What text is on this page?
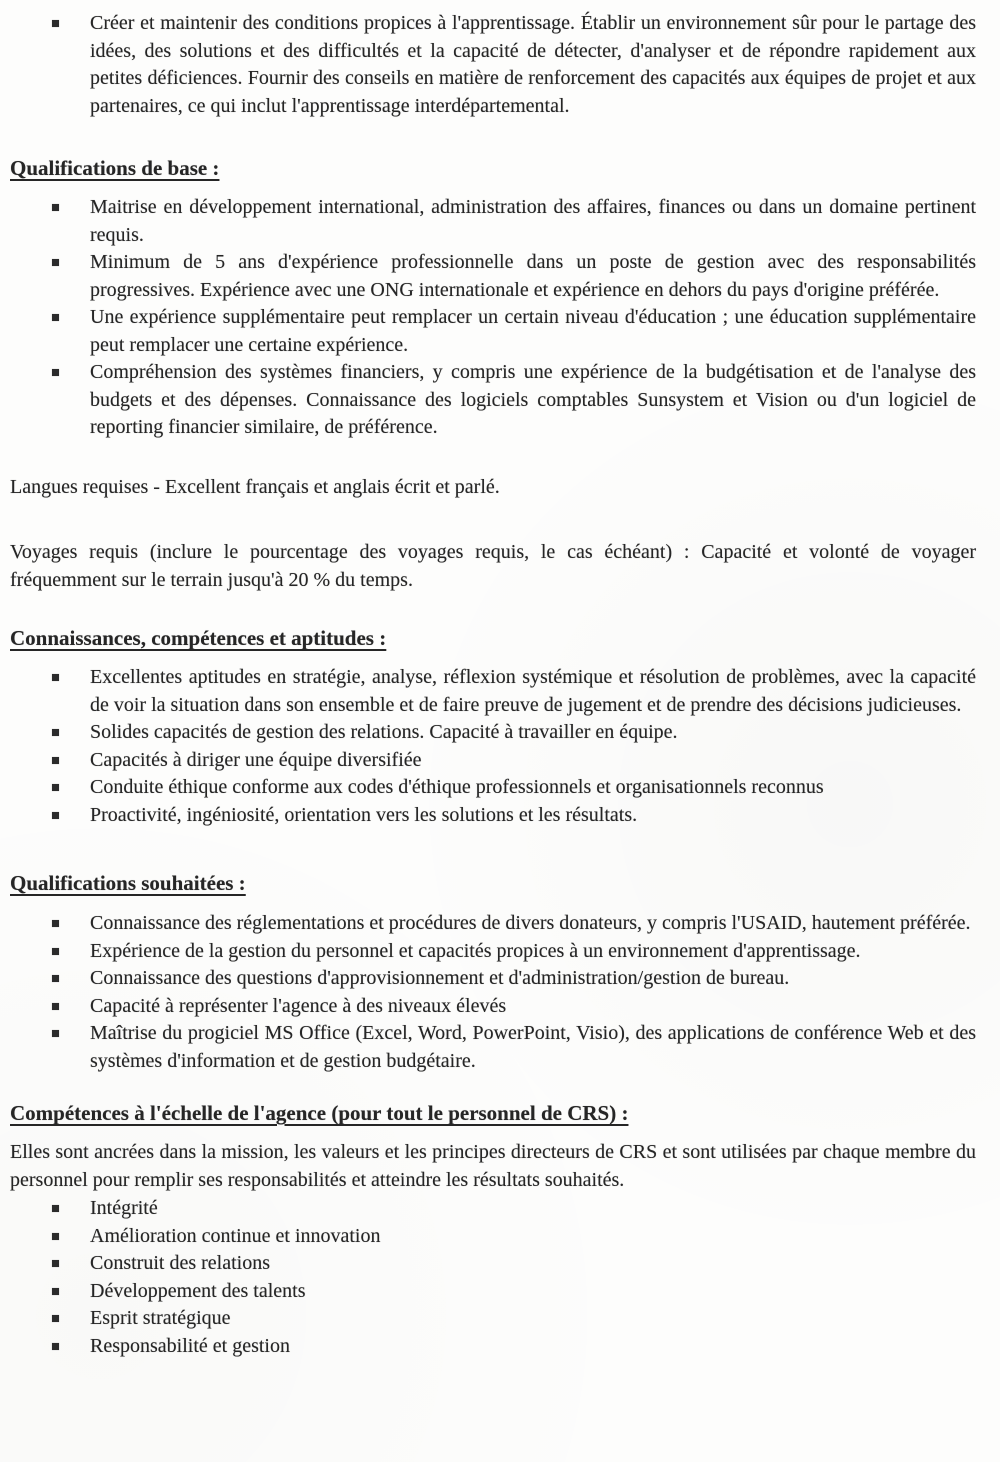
Créer et maintenir des conditions propices à l'apprentissage. Établir un environnement sûr pour le partage des idées, des solutions et des difficultés et la capacité de détecter, d'analyser et de répondre rapidement aux petites déficiences. Fournir des conseils en matière de renforcement des capacités aux équipes de projet et aux partenaires, ce qui inclut l'apprentissage interdépartemental.
Qualifications de base :
Maitrise en développement international, administration des affaires, finances ou dans un domaine pertinent requis.
Minimum de 5 ans d'expérience professionnelle dans un poste de gestion avec des responsabilités progressives. Expérience avec une ONG internationale et expérience en dehors du pays d'origine préférée.
Une expérience supplémentaire peut remplacer un certain niveau d'éducation ; une éducation supplémentaire peut remplacer une certaine expérience.
Compréhension des systèmes financiers, y compris une expérience de la budgétisation et de l'analyse des budgets et des dépenses. Connaissance des logiciels comptables Sunsystem et Vision ou d'un logiciel de reporting financier similaire, de préférence.

Langues requises - Excellent français et anglais écrit et parlé.

Voyages requis (inclure le pourcentage des voyages requis, le cas échéant) : Capacité et volonté de voyager fréquemment sur le terrain jusqu'à 20 % du temps.

Connaissances, compétences et aptitudes :
Excellentes aptitudes en stratégie, analyse, réflexion systémique et résolution de problèmes, avec la capacité de voir la situation dans son ensemble et de faire preuve de jugement et de prendre des décisions judicieuses.
Solides capacités de gestion des relations. Capacité à travailler en équipe.
Capacités à diriger une équipe diversifiée
Conduite éthique conforme aux codes d'éthique professionnels et organisationnels reconnus
Proactivité, ingéniosité, orientation vers les solutions et les résultats.
Qualifications souhaitées :
Connaissance des réglementations et procédures de divers donateurs, y compris l'USAID, hautement préférée.
Expérience de la gestion du personnel et capacités propices à un environnement d'apprentissage.
Connaissance des questions d'approvisionnement et d'administration/gestion de bureau.
Capacité à représenter l'agence à des niveaux élevés
Maîtrise du progiciel MS Office (Excel, Word, PowerPoint, Visio), des applications de conférence Web et des systèmes d'information et de gestion budgétaire.
Compétences à l'échelle de l'agence (pour tout le personnel de CRS) :

Elles sont ancrées dans la mission, les valeurs et les principes directeurs de CRS et sont utilisées par chaque membre du personnel pour remplir ses responsabilités et atteindre les résultats souhaités.

Intégrité
Amélioration continue et innovation
Construit des relations
Développement des talents
Esprit stratégique
Responsabilité et gestion
